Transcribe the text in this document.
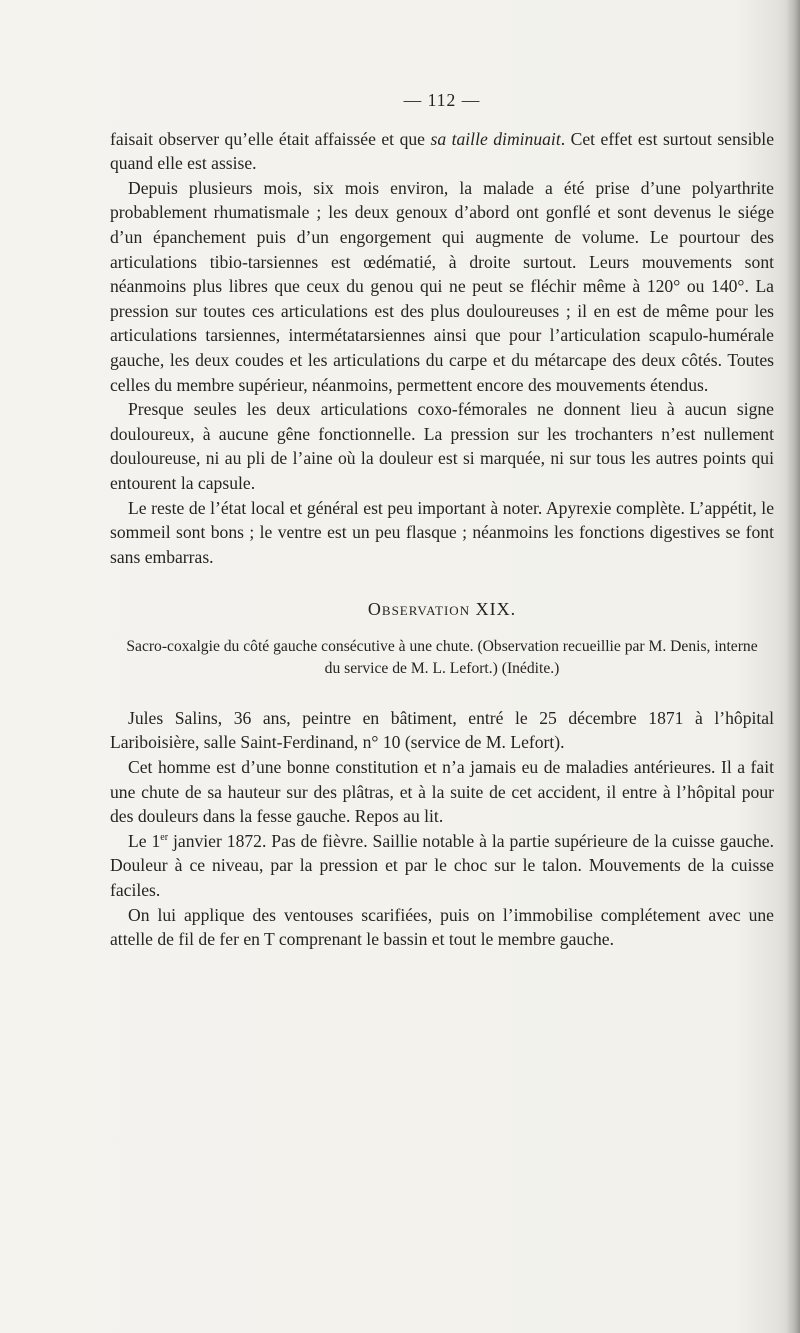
— 112 —

faisait observer qu’elle était affaissée et que sa taille diminuait. Cet effet est surtout sensible quand elle est assise.

Depuis plusieurs mois, six mois environ, la malade a été prise d’une polyarthrite probablement rhumatismale ; les deux genoux d’abord ont gonflé et sont devenus le siége d’un épanchement puis d’un engorgement qui augmente de volume. Le pourtour des articulations tibio-tarsiennes est œdématié, à droite surtout. Leurs mouvements sont néanmoins plus libres que ceux du genou qui ne peut se fléchir même à 120° ou 140°. La pression sur toutes ces articulations est des plus douloureuses ; il en est de même pour les articulations tarsiennes, intermétatarsiennes ainsi que pour l’articulation scapulo-humérale gauche, les deux coudes et les articulations du carpe et du métarcape des deux côtés. Toutes celles du membre supérieur, néanmoins, permettent encore des mouvements étendus.

Presque seules les deux articulations coxo-fémorales ne donnent lieu à aucun signe douloureux, à aucune gêne fonctionnelle. La pression sur les trochanters n’est nullement douloureuse, ni au pli de l’aine où la douleur est si marquée, ni sur tous les autres points qui entourent la capsule.

Le reste de l’état local et général est peu important à noter. Apyrexie complète. L’appétit, le sommeil sont bons ; le ventre est un peu flasque ; néanmoins les fonctions digestives se font sans embarras.

Observation XIX.

Sacro-coxalgie du côté gauche consécutive à une chute. (Observation recueillie par M. Denis, interne du service de M. L. Lefort.) (Inédite.)

Jules Salins, 36 ans, peintre en bâtiment, entré le 25 décembre 1871 à l’hôpital Lariboisière, salle Saint-Ferdinand, n° 10 (service de M. Lefort).

Cet homme est d’une bonne constitution et n’a jamais eu de maladies antérieures. Il a fait une chute de sa hauteur sur des plâtras, et à la suite de cet accident, il entre à l’hôpital pour des douleurs dans la fesse gauche. Repos au lit.

Le 1er janvier 1872. Pas de fièvre. Saillie notable à la partie supérieure de la cuisse gauche. Douleur à ce niveau, par la pression et par le choc sur le talon. Mouvements de la cuisse faciles.

On lui applique des ventouses scarifiées, puis on l’immobilise complétement avec une attelle de fil de fer en T comprenant le bassin et tout le membre gauche.
